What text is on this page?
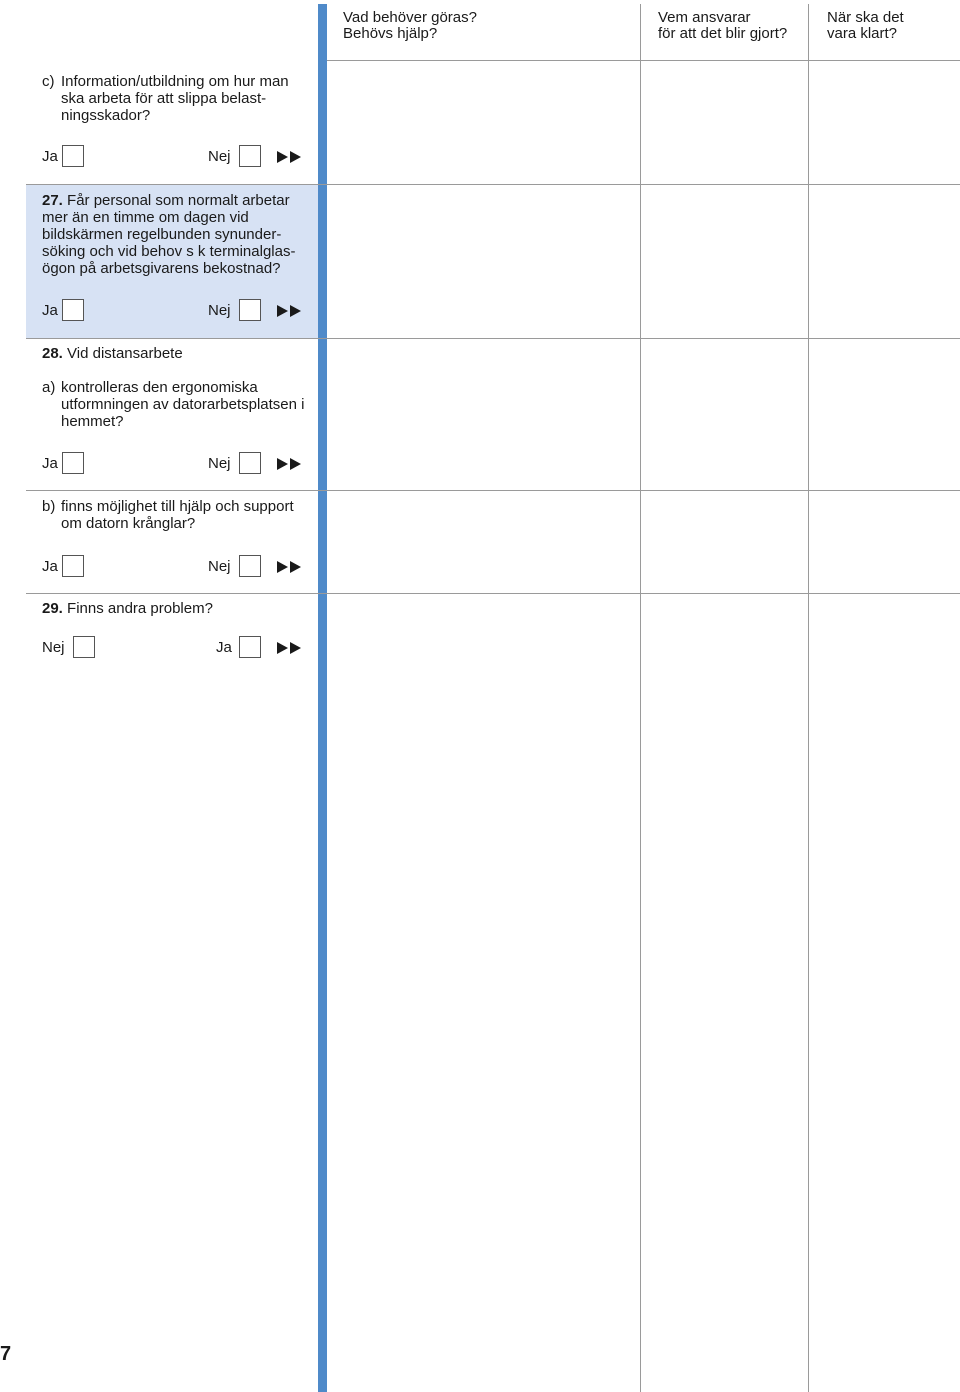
Vad behöver göras?
Behövs hjälp?
Vem ansvarar
för att det blir gjort?
När ska det
vara klart?
c) Information/utbildning om hur man
ska arbeta för att slippa belast-
ningsskador?
Ja	Nej
27. Får personal som normalt arbetar
mer än en timme om dagen vid
bildskärmen regelbunden synunder-
söking och vid behov s k terminalglas-
ögon på arbetsgivarens bekostnad?
Ja	Nej
28. Vid distansarbete
a) kontrolleras den ergonomiska
utformningen av datorarbetsplatsen i
hemmet?
Ja	Nej
b) finns möjlighet till hjälp och support
om datorn krånglar?
Ja	Nej
29. Finns andra problem?
Nej	Ja
7
